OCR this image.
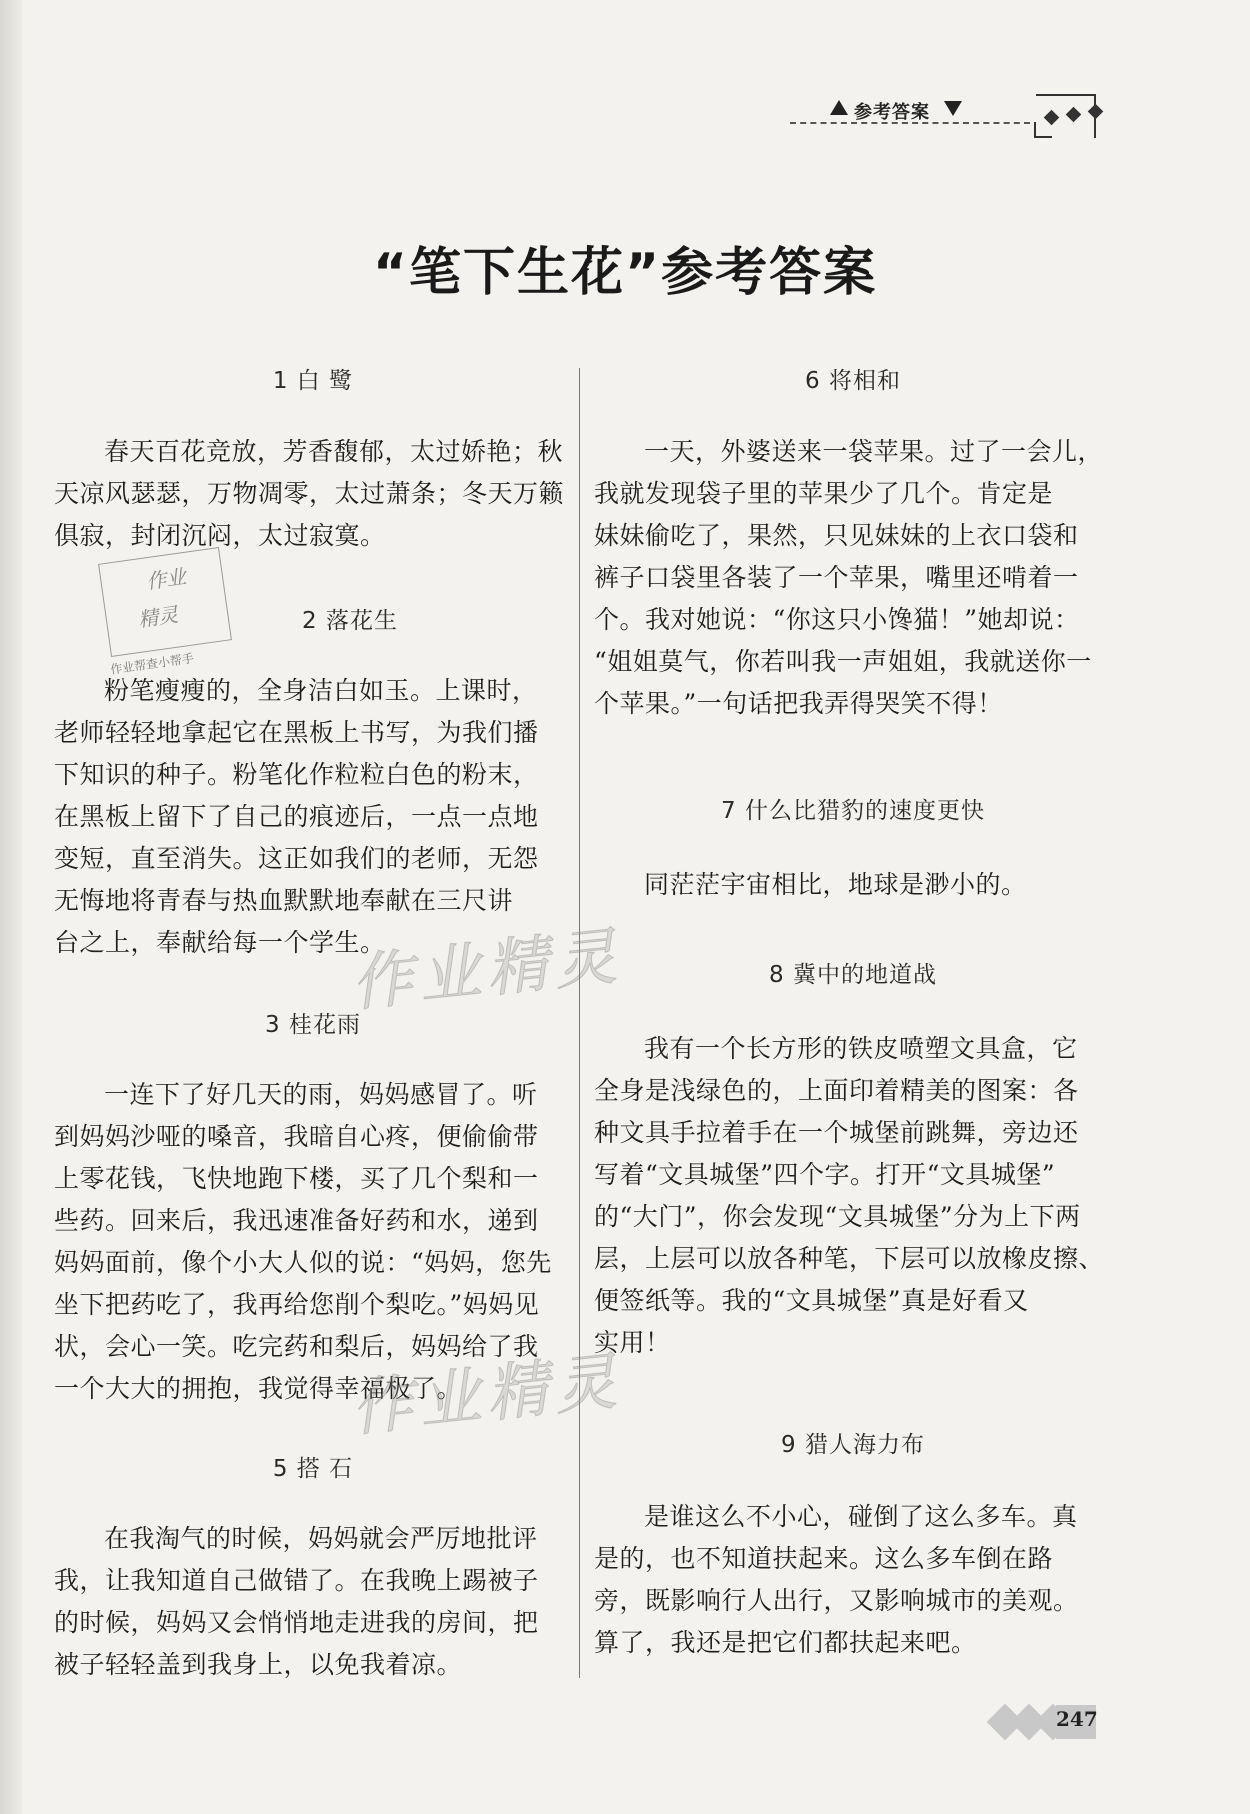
参考答案
“笔下生花”参考答案
1 白 鹭
春天百花竞放，芳香馥郁，太过娇艳；秋
天凉风瑟瑟，万物凋零，太过萧条；冬天万籁
俱寂，封闭沉闷，太过寂寞。
作业
精灵
作业帮查小帮手
2 落花生
粉笔瘦瘦的，全身洁白如玉。上课时，
老师轻轻地拿起它在黑板上书写，为我们播
下知识的种子。粉笔化作粒粒白色的粉末，
在黑板上留下了自己的痕迹后，一点一点地
变短，直至消失。这正如我们的老师，无怨
无悔地将青春与热血默默地奉献在三尺讲
台之上，奉献给每一个学生。
3 桂花雨
一连下了好几天的雨，妈妈感冒了。听
到妈妈沙哑的嗓音，我暗自心疼，便偷偷带
上零花钱，飞快地跑下楼，买了几个梨和一
些药。回来后，我迅速准备好药和水，递到
妈妈面前，像个小大人似的说：“妈妈，您先
坐下把药吃了，我再给您削个梨吃。”妈妈见
状，会心一笑。吃完药和梨后，妈妈给了我
一个大大的拥抱，我觉得幸福极了。
5 搭 石
在我淘气的时候，妈妈就会严厉地批评
我，让我知道自己做错了。在我晚上踢被子
的时候，妈妈又会悄悄地走进我的房间，把
被子轻轻盖到我身上，以免我着凉。
6 将相和
一天，外婆送来一袋苹果。过了一会儿，
我就发现袋子里的苹果少了几个。肯定是
妹妹偷吃了，果然，只见妹妹的上衣口袋和
裤子口袋里各装了一个苹果，嘴里还啃着一
个。我对她说：“你这只小馋猫！”她却说：
“姐姐莫气，你若叫我一声姐姐，我就送你一
个苹果。”一句话把我弄得哭笑不得！
7 什么比猎豹的速度更快
同茫茫宇宙相比，地球是渺小的。
8 冀中的地道战
我有一个长方形的铁皮喷塑文具盒，它
全身是浅绿色的，上面印着精美的图案：各
种文具手拉着手在一个城堡前跳舞，旁边还
写着“文具城堡”四个字。打开“文具城堡”
的“大门”，你会发现“文具城堡”分为上下两
层，上层可以放各种笔，下层可以放橡皮擦、
便签纸等。我的“文具城堡”真是好看又
实用！
9 猎人海力布
是谁这么不小心，碰倒了这么多车。真
是的，也不知道扶起来。这么多车倒在路
旁，既影响行人出行，又影响城市的美观。
算了，我还是把它们都扶起来吧。
作业精灵
作业精灵
247
